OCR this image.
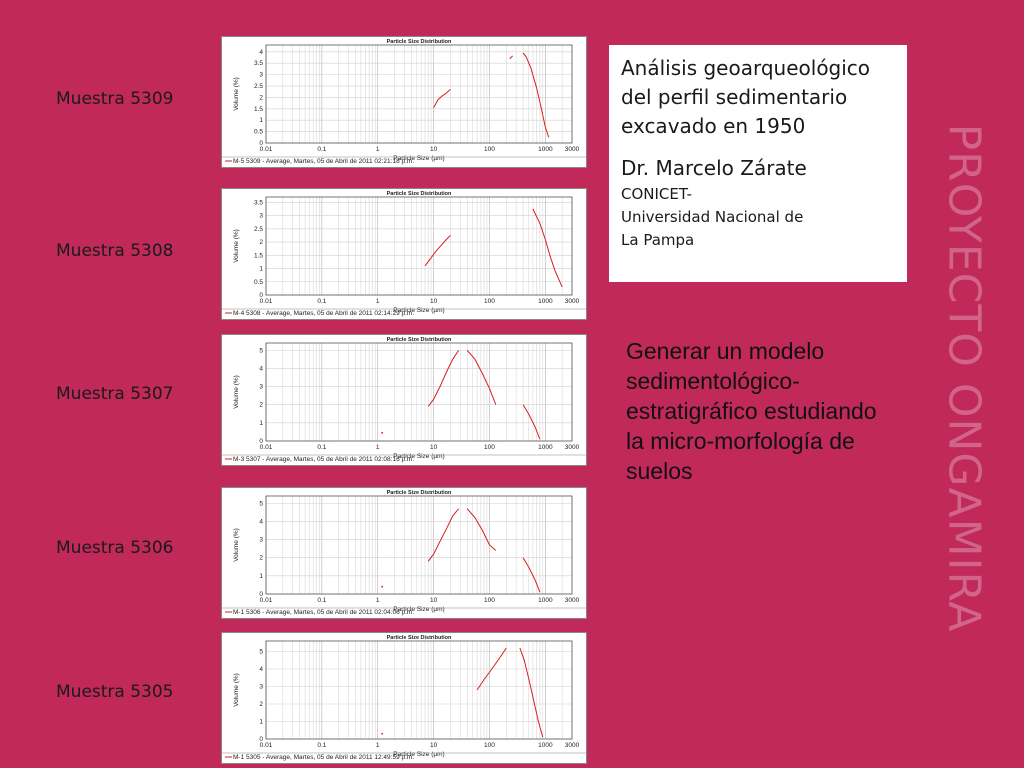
Muestra 5309
Muestra 5308
Muestra 5307
Muestra 5306
Muestra 5305
Particle Size Distribution
0
0.5
1
1.5
2
2.5
3
3.5
4
0.01	0.1	1	10	100	1000 3000
Particle Size (µm)
Volume (%)
M-5 5309 - Average, Martes, 05 de Abril de 2011 02:21:18 p.m.
Particle Size Distribution
0
0.5
1
1.5
2
2.5
3
3.5
0.01	0.1	1	10	100	1000 3000
Particle Size (µm)
Volume (%)
M-4 5308 - Average, Martes, 05 de Abril de 2011 02:14:29 p.m.
Particle Size Distribution
0
1
2
3
4
5
0.01	0.1	1	10	100	1000 3000
Particle Size (µm)
Volume (%)
M-3 5307 - Average, Martes, 05 de Abril de 2011 02:08:16 p.m.
Particle Size Distribution
0
1
2
3
4
5
0.01	0.1	1	10	100	1000 3000
Particle Size (µm)
Volume (%)
M-1 5306 - Average, Martes, 05 de Abril de 2011 02:04:06 p.m.
Particle Size Distribution
0
1
2
3
4
5
0.01	0.1	1	10	100	1000 3000
Particle Size (µm)
Volume (%)
M-1 5305 - Average, Martes, 05 de Abril de 2011 12:49:59 p.m.

Análisis geoarqueológico del perfil sedimentario excavado en 1950

Dr. Marcelo Zárate
CONICET-
Universidad Nacional de
La Pampa
Generar un modelo sedimentológico-estratigráfico estudiando la micro-morfología de suelos	PROYECTO ONGAMIRA
